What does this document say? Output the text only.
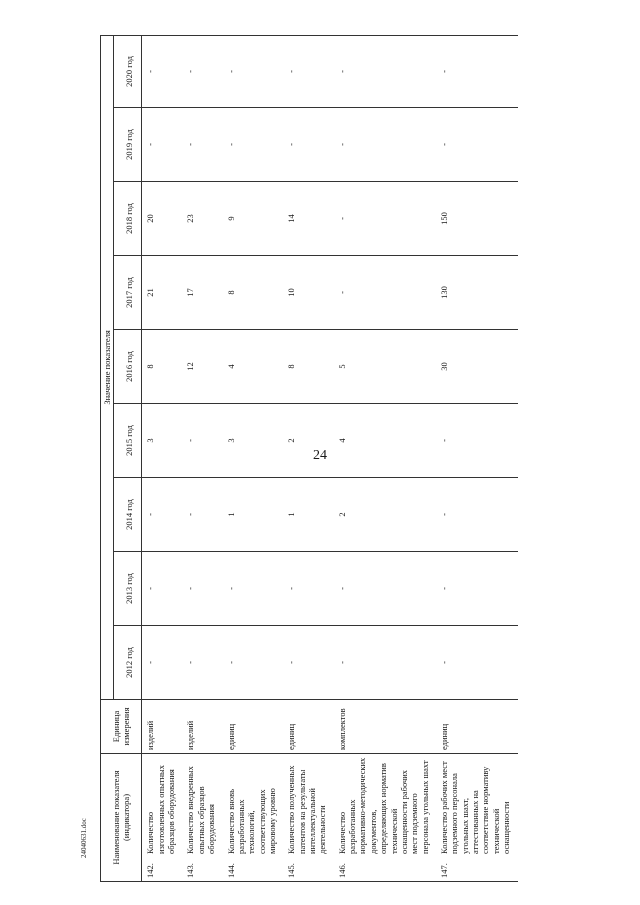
24
Наименование показателя (индикатора)	Единица измерения	Значение показателя								
		2012 год	2013 год	2014 год	2015 год	2016 год	2017 год	2018 год	2019 год	2020 год

142.
Количество изготовленных опытных образцов оборудования	изделий	-	-	-	3	8	21	20	-	-

143.
Количество внедренных опытных образцов оборудования	изделий	-	-	-	-	12	17	23	-	-

144.
Количество вновь разработанных технологий, соответствующих мировому уровню	единиц	-	-	1	3	4	8	9	-	-

145.
Количество полученных патентов на результаты интеллектуальной деятельности	единиц	-	-	1	2	8	10	14	-	-

146.
Количество разработанных нормативно-методических документов, определяющих норматив технической оснащенности рабочих мест подземного персонала угольных шахт	комплектов	-	-	2	4	5	-	-	-	-

147.
Количество рабочих мест подземного персонала угольных шахт, аттестованных на соответствие нормативу технической оснащенности	единиц	-	-	-	-	30	130	150	-	-
24040631.doc
